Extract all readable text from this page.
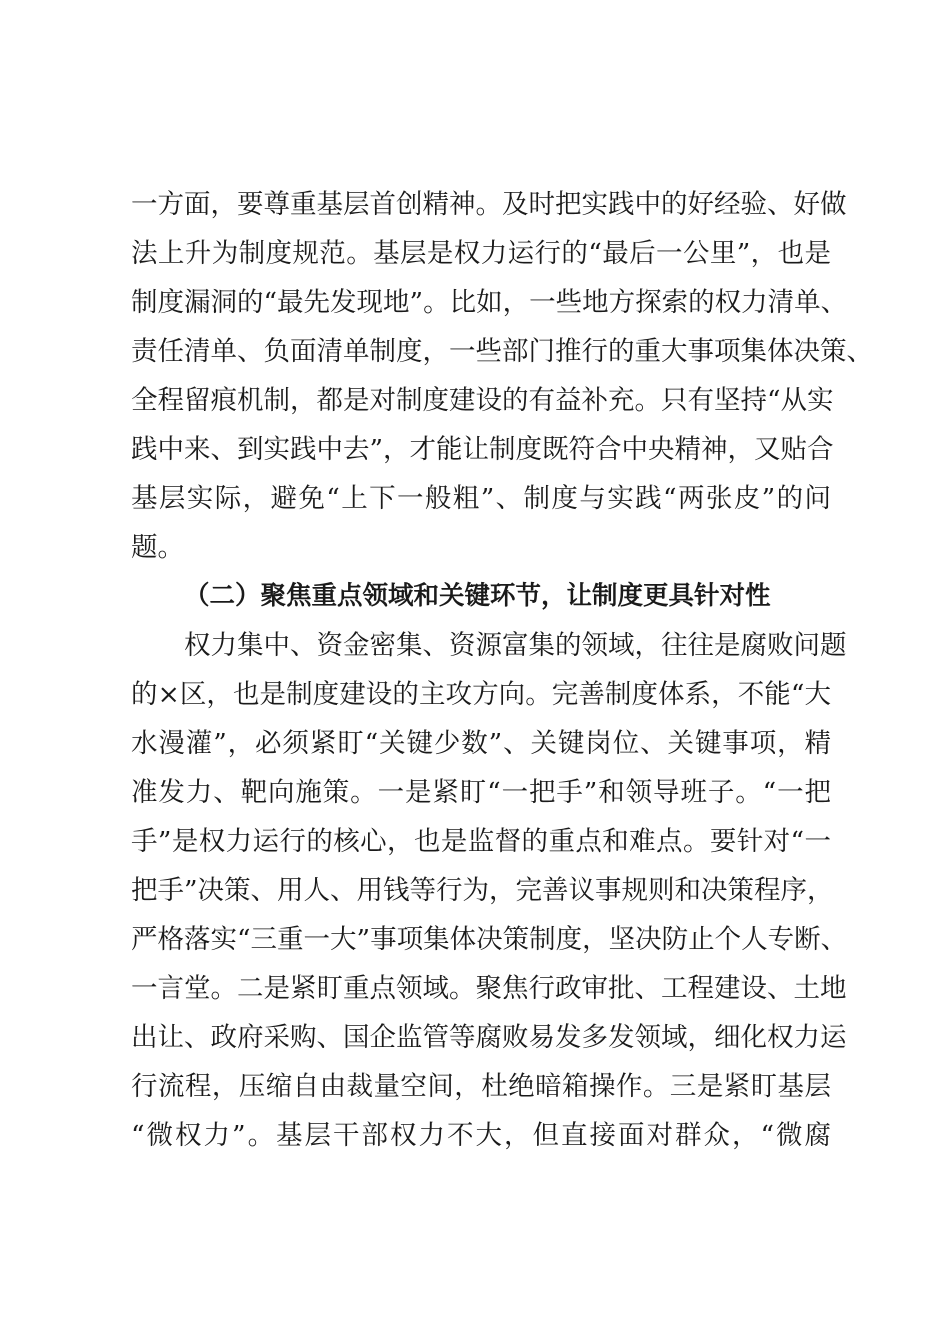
一方面，要尊重基层首创精神。及时把实践中的好经验、好做
法上升为制度规范。基层是权力运行的“最后一公里”，也是
制度漏洞的“最先发现地”。比如，一些地方探索的权力清单、
责任清单、负面清单制度，一些部门推行的重大事项集体决策、
全程留痕机制，都是对制度建设的有益补充。只有坚持“从实
践中来、到实践中去”，才能让制度既符合中央精神，又贴合
基层实际，避免“上下一般粗”、制度与实践“两张皮”的问
题。
（二）聚焦重点领域和关键环节，让制度更具针对性
权力集中、资金密集、资源富集的领域，往往是腐败问题
的×区，也是制度建设的主攻方向。完善制度体系，不能“大
水漫灌”，必须紧盯“关键少数”、关键岗位、关键事项，精
准发力、靶向施策。一是紧盯“一把手”和领导班子。“一把
手”是权力运行的核心，也是监督的重点和难点。要针对“一
把手”决策、用人、用钱等行为，完善议事规则和决策程序，
严格落实“三重一大”事项集体决策制度，坚决防止个人专断、
一言堂。二是紧盯重点领域。聚焦行政审批、工程建设、土地
出让、政府采购、国企监管等腐败易发多发领域，细化权力运
行流程，压缩自由裁量空间，杜绝暗箱操作。三是紧盯基层
“微权力”。基层干部权力不大，但直接面对群众，“微腐
